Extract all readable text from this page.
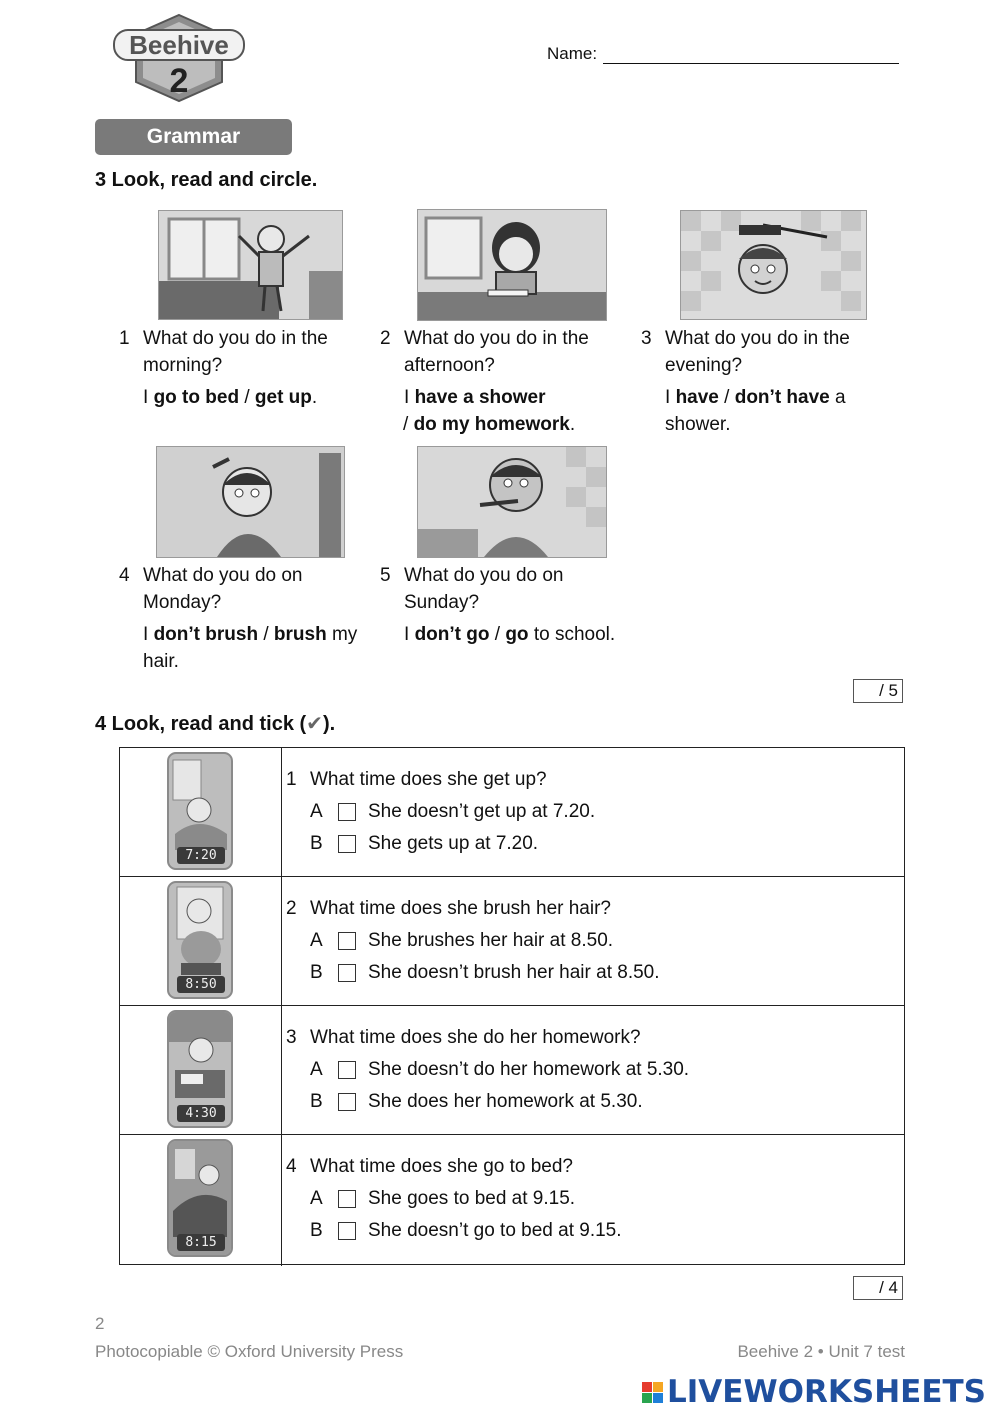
Beehive
2
Name:
Grammar
3 Look, read and circle.
1 What do you do in the morning?
I go to bed / get up.
2 What do you do in the afternoon?
I have a shower
/ do my homework.
3 What do you do in the evening?
I have / don’t have a shower.
4 What do you do on Monday?
I don’t brush / brush my hair.
5 What do you do on Sunday?
I don’t go / go to school.
/ 5
4 Look, read and tick (✔).
7:20
1 What time does she get up?
A	She doesn’t get up at 7.20.
B	She gets up at 7.20.
8:50
2 What time does she brush her hair?
A	She brushes her hair at 8.50.
B	She doesn’t brush her hair at 8.50.
4:30
3 What time does she do her homework?
A	She doesn’t do her homework at 5.30.
B	She does her homework at 5.30.
8:15
4 What time does she go to bed?
A	She goes to bed at 9.15.
B	She doesn’t go to bed at 9.15.
/ 4
2
Photocopiable © Oxford University Press	Beehive 2 • Unit 7 test
LIVEWORKSHEETS
